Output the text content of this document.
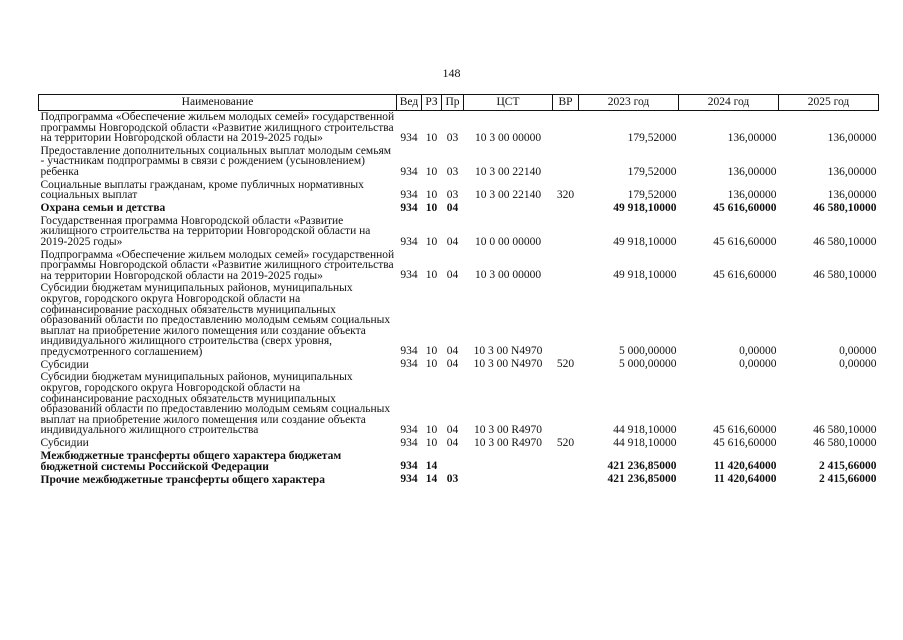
148
Наименование	Вед	РЗ	Пр	ЦСТ	ВР	2023 год	2024 год	2025 год
Подпрограмма «Обеспечение жильем молодых семей» государственной программы Новгородской области «Развитие жилищного строительства на территории Новгородской области на 2019-2025 годы»	934	10	03	10 3 00 00000		179,52000	136,00000	136,00000
Предоставление дополнительных социальных выплат молодым семьям - участникам подпрограммы в связи с рождением (усыновлением) ребенка	934	10	03	10 3 00 22140		179,52000	136,00000	136,00000
Социальные выплаты гражданам, кроме публичных нормативных социальных выплат	934	10	03	10 3 00 22140	320	179,52000	136,00000	136,00000
Охрана семьи и детства	934	10	04			49 918,10000	45 616,60000	46 580,10000
Государственная программа Новгородской области «Развитие жилищного строительства на территории Новгородской области на 2019-2025 годы»	934	10	04	10 0 00 00000		49 918,10000	45 616,60000	46 580,10000
Подпрограмма «Обеспечение жильем молодых семей» государственной программы Новгородской области «Развитие жилищного строительства на территории Новгородской области на 2019-2025 годы»	934	10	04	10 3 00 00000		49 918,10000	45 616,60000	46 580,10000
Субсидии бюджетам муниципальных районов, муниципальных округов, городского округа Новгородской области на софинансирование расходных обязательств муниципальных образований области по предоставлению молодым семьям социальных выплат на приобретение жилого помещения или создание объекта индивидуального жилищного строительства (сверх уровня, предусмотренного соглашением)	934	10	04	10 3 00 N4970		5 000,00000	0,00000	0,00000
Субсидии	934	10	04	10 3 00 N4970	520	5 000,00000	0,00000	0,00000
Субсидии бюджетам муниципальных районов, муниципальных округов, городского округа Новгородской области на софинансирование расходных обязательств муниципальных образований области по предоставлению молодым семьям социальных выплат на приобретение жилого помещения или создание объекта индивидуального жилищного строительства	934	10	04	10 3 00 R4970		44 918,10000	45 616,60000	46 580,10000
Субсидии	934	10	04	10 3 00 R4970	520	44 918,10000	45 616,60000	46 580,10000
Межбюджетные трансферты общего характера бюджетам бюджетной системы Российской Федерации	934	14				421 236,85000	11 420,64000	2 415,66000
Прочие межбюджетные трансферты общего характера	934	14	03			421 236,85000	11 420,64000	2 415,66000
